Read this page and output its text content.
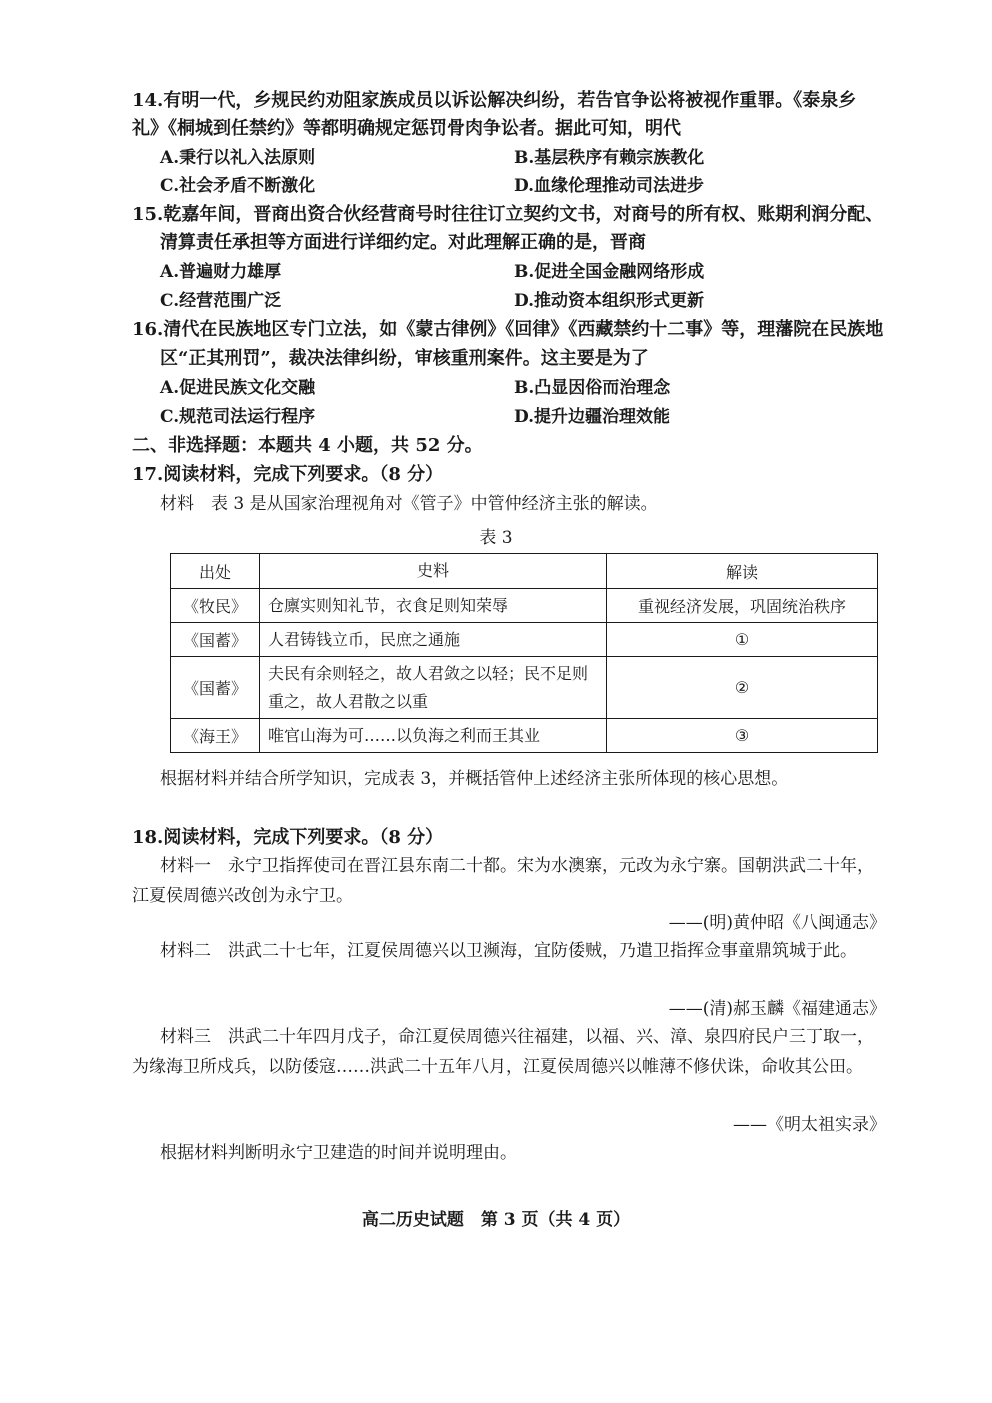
14.有明一代，乡规民约劝阻家族成员以诉讼解决纠纷，若告官争讼将被视作重罪。《泰泉乡
礼》《桐城到任禁约》等都明确规定惩罚骨肉争讼者。据此可知，明代
A.秉行以礼入法原则	B.基层秩序有赖宗族教化
C.社会矛盾不断激化	D.血缘伦理推动司法进步
15.乾嘉年间，晋商出资合伙经营商号时往往订立契约文书，对商号的所有权、账期利润分配、
清算责任承担等方面进行详细约定。对此理解正确的是，晋商
A.普遍财力雄厚	B.促进全国金融网络形成
C.经营范围广泛	D.推动资本组织形式更新
16.清代在民族地区专门立法，如《蒙古律例》《回律》《西藏禁约十二事》等，理藩院在民族地
区“正其刑罚”，裁决法律纠纷，审核重刑案件。这主要是为了
A.促进民族文化交融	B.凸显因俗而治理念
C.规范司法运行程序	D.提升边疆治理效能
二、非选择题：本题共 4 小题，共 52 分。
17.阅读材料，完成下列要求。（8 分）
材料　表 3 是从国家治理视角对《管子》中管仲经济主张的解读。
表 3
出处	史料	解读
《牧民》	仓廪实则知礼节，衣食足则知荣辱	重视经济发展，巩固统治秩序
《国蓄》	人君铸钱立币，民庶之通施	①
《国蓄》	夫民有余则轻之，故人君敛之以轻；民不足则重之，故人君散之以重	②
《海王》	唯官山海为可……以负海之利而王其业	③
根据材料并结合所学知识，完成表 3，并概括管仲上述经济主张所体现的核心思想。
18.阅读材料，完成下列要求。（8 分）
材料一　永宁卫指挥使司在晋江县东南二十都。宋为水澳寨，元改为永宁寨。国朝洪武二十年，江夏侯周德兴改创为永宁卫。
——(明)黄仲昭《八闽通志》
材料二　洪武二十七年，江夏侯周德兴以卫濒海，宜防倭贼，乃遣卫指挥佥事童鼎筑城于此。
——(清)郝玉麟《福建通志》
材料三　洪武二十年四月戊子，命江夏侯周德兴往福建，以福、兴、漳、泉四府民户三丁取一，为缘海卫所戍兵，以防倭寇……洪武二十五年八月，江夏侯周德兴以帷薄不修伏诛，命收其公田。
——《明太祖实录》
根据材料判断明永宁卫建造的时间并说明理由。
高二历史试题　第 3 页（共 4 页）
